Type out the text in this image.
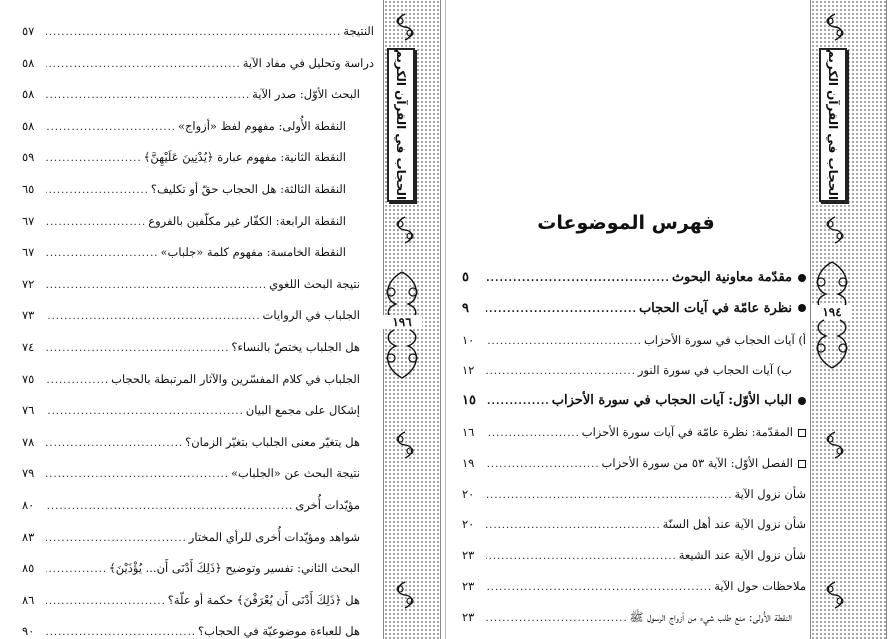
الحجاب في القرآن الكريم
١٩٦
النتيجة
.....
٥٧
دراسة وتحليل في مفاد الآية
.....
٥٨
البحث الأوّل: صدر الآية
.....
٥٨
النقطة الأُولى: مفهوم لفظ «أزواج»
.....
٥٨
النقطة الثانية: مفهوم عبارة ﴿يُدْنِينَ عَلَيْهِنَّ﴾
.....
٥٩
النقطة الثالثة: هل الحجاب حقّ أو تكليف؟
.....
٦٥
النقطة الرابعة: الكفّار غير مكلّفين بالفروع
.....
٦٧
النقطة الخامسة: مفهوم كلمة «جلباب»
.....
٦٧
نتيجة البحث اللغوي
.....
٧٢
الجلباب في الروايات
.....
٧٣
هل الجلباب يختصّ بالنساء؟
.....
٧٤
الجلباب في كلام المفسّرين والآثار المرتبطة بالحجاب
.....
٧٥
إشكال على مجمع البيان
.....
٧٦
هل يتغيّر معنى الجلباب بتغيّر الزمان؟
.....
٧٨
نتيجة البحث عن «الجلباب»
.....
٧٩
مؤيّدات أُخرى
.....
٨٠
شواهد ومؤيّدات أُخرى للرأي المختار
.....
٨٣
البحث الثاني: تفسير وتوضيح ﴿ذَلِكَ أَدْنَى أَن... يُؤْذَيْنَ﴾
.....
٨٥
هل ﴿ذَلِكَ أَدْنَى أَن يُعْرَفْنَ﴾ حكمة أو علّة؟
.....
٨٦
هل للعباءة موضوعيّة في الحجاب؟
.....
٩٠
الحجاب في القرآن الكريم
١٩٤
فهرس الموضوعات
مقدّمة معاونية البحوث
.....
٥
نظرة عامّة في آيات الحجاب
.....
٩
أ) آيات الحجاب في سورة الأحزاب
.....
١٠
ب) آيات الحجاب في سورة النور
.....
١٢
الباب الأوّل: آيات الحجاب في سورة الأحزاب
.....
١٥
المقدّمة: نظرة عامّة في آيات سورة الأحزاب
.....
١٦
الفصل الأوّل: الآية ٥٣ من سورة الأحزاب
.....
١٩
شأن نزول الآية
.....
٢٠
شأن نزول الآية عند أهل السنّة
.....
٢٠
شأن نزول الآية عند الشيعة
.....
٢٣
ملاحظات حول الآية
.....
٢٣
النقطة الأُولى: منع طلب شيء من أزواج الرسول ﷺ
.....
٢٣
